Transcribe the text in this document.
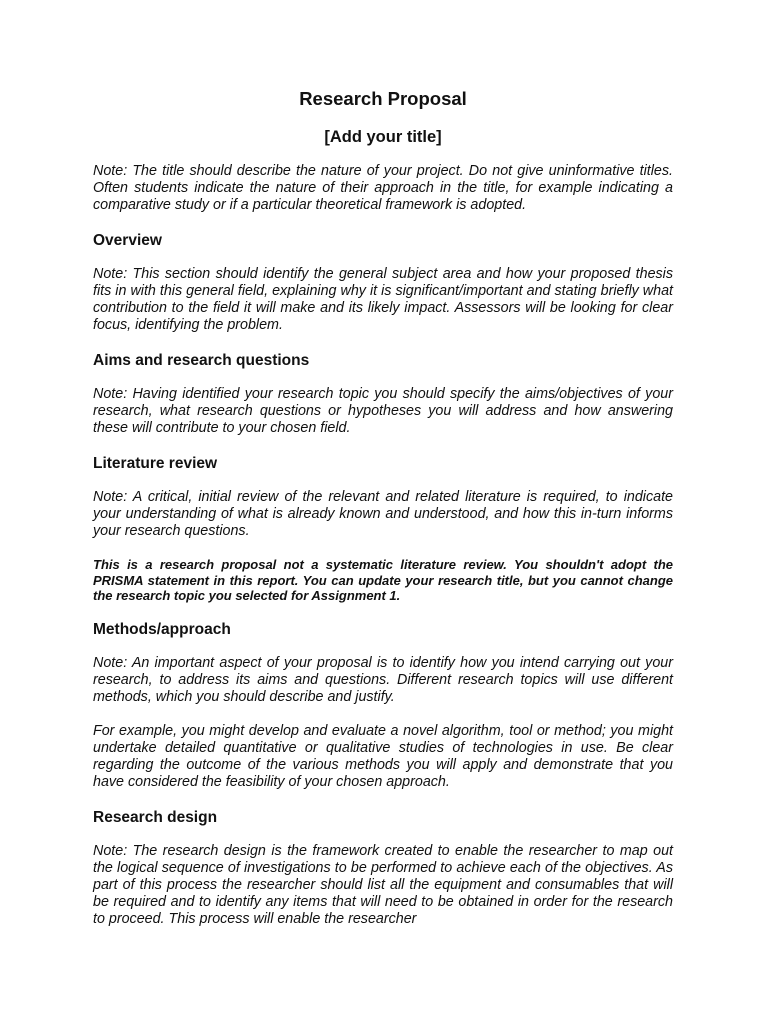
Research Proposal
[Add your title]

Note: The title should describe the nature of your project. Do not give uninformative titles. Often students indicate the nature of their approach in the title, for example indicating a comparative study or if a particular theoretical framework is adopted.

Overview

Note: This section should identify the general subject area and how your proposed thesis fits in with this general field, explaining why it is significant/important and stating briefly what contribution to the field it will make and its likely impact. Assessors will be looking for clear focus, identifying the problem.

Aims and research questions

Note: Having identified your research topic you should specify the aims/objectives of your research, what research questions or hypotheses you will address and how answering these will contribute to your chosen field.

Literature review

Note: A critical, initial review of the relevant and related literature is required, to indicate your understanding of what is already known and understood, and how this in-turn informs your research questions.

This is a research proposal not a systematic literature review. You shouldn't adopt the PRISMA statement in this report. You can update your research title, but you cannot change the research topic you selected for Assignment 1.

Methods/approach

Note: An important aspect of your proposal is to identify how you intend carrying out your research, to address its aims and questions. Different research topics will use different methods, which you should describe and justify.

For example, you might develop and evaluate a novel algorithm, tool or method; you might undertake detailed quantitative or qualitative studies of technologies in use. Be clear regarding the outcome of the various methods you will apply and demonstrate that you have considered the feasibility of your chosen approach.

Research design

Note: The research design is the framework created to enable the researcher to map out the logical sequence of investigations to be performed to achieve each of the objectives. As part of this process the researcher should list all the equipment and consumables that will be required and to identify any items that will need to be obtained in order for the research to proceed. This process will enable the researcher
